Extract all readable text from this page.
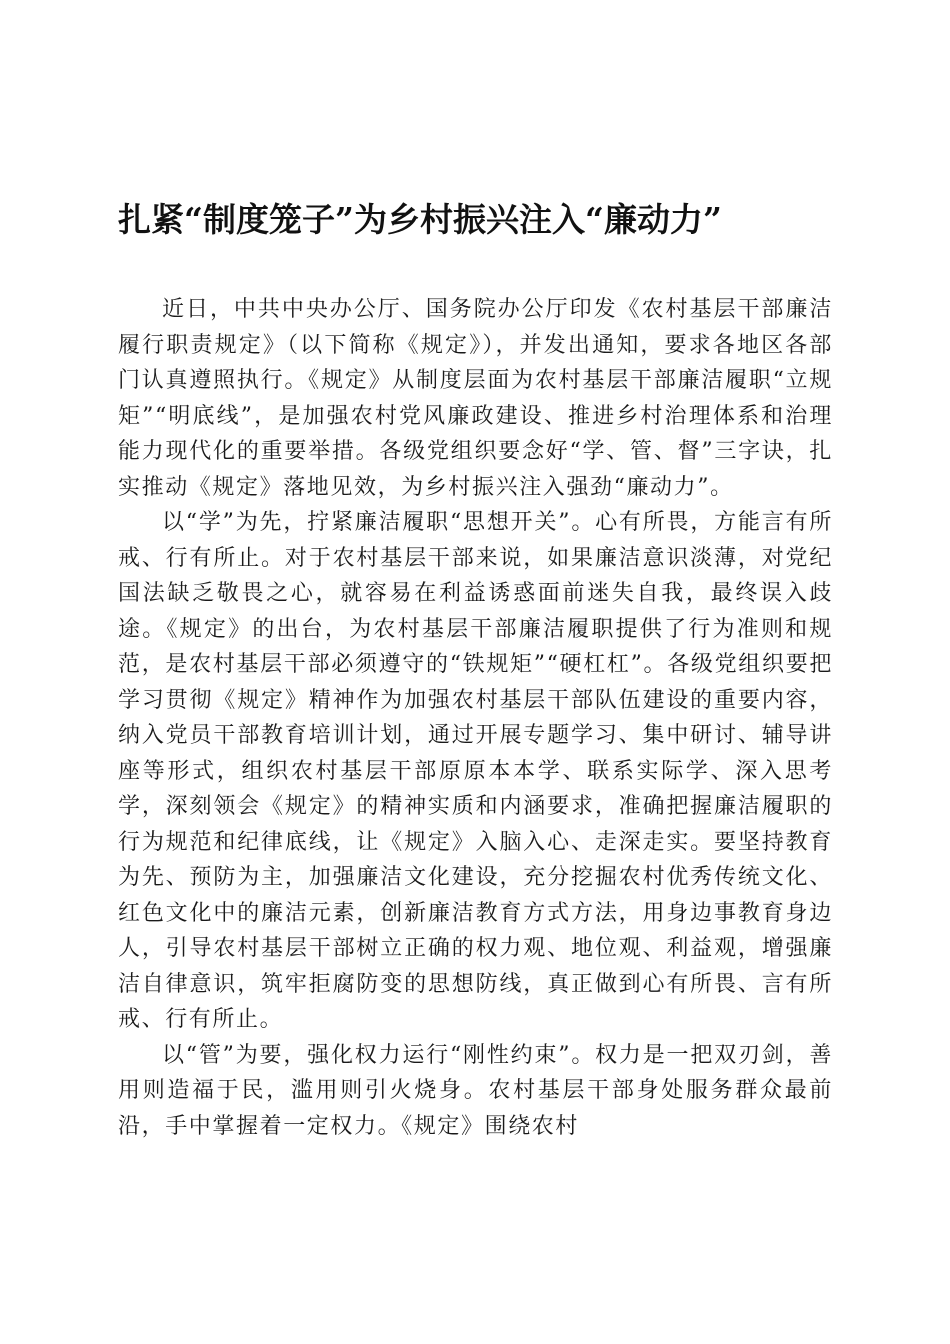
扎紧“制度笼子”为乡村振兴注入“廉动力”

近日，中共中央办公厅、国务院办公厅印发《农村基层干部廉洁履行职责规定》（以下简称《规定》），并发出通知，要求各地区各部门认真遵照执行。《规定》从制度层面为农村基层干部廉洁履职“立规矩”“明底线”，是加强农村党风廉政建设、推进乡村治理体系和治理能力现代化的重要举措。各级党组织要念好“学、管、督”三字诀，扎实推动《规定》落地见效，为乡村振兴注入强劲“廉动力”。

以“学”为先，拧紧廉洁履职“思想开关”。心有所畏，方能言有所戒、行有所止。对于农村基层干部来说，如果廉洁意识淡薄，对党纪国法缺乏敬畏之心，就容易在利益诱惑面前迷失自我，最终误入歧途。《规定》的出台，为农村基层干部廉洁履职提供了行为准则和规范，是农村基层干部必须遵守的“铁规矩”“硬杠杠”。各级党组织要把学习贯彻《规定》精神作为加强农村基层干部队伍建设的重要内容，纳入党员干部教育培训计划，通过开展专题学习、集中研讨、辅导讲座等形式，组织农村基层干部原原本本学、联系实际学、深入思考学，深刻领会《规定》的精神实质和内涵要求，准确把握廉洁履职的行为规范和纪律底线，让《规定》入脑入心、走深走实。要坚持教育为先、预防为主，加强廉洁文化建设，充分挖掘农村优秀传统文化、红色文化中的廉洁元素，创新廉洁教育方式方法，用身边事教育身边人，引导农村基层干部树立正确的权力观、地位观、利益观，增强廉洁自律意识，筑牢拒腐防变的思想防线，真正做到心有所畏、言有所戒、行有所止。

以“管”为要，强化权力运行“刚性约束”。权力是一把双刃剑，善用则造福于民，滥用则引火烧身。农村基层干部身处服务群众最前沿，手中掌握着一定权力。《规定》围绕农村
